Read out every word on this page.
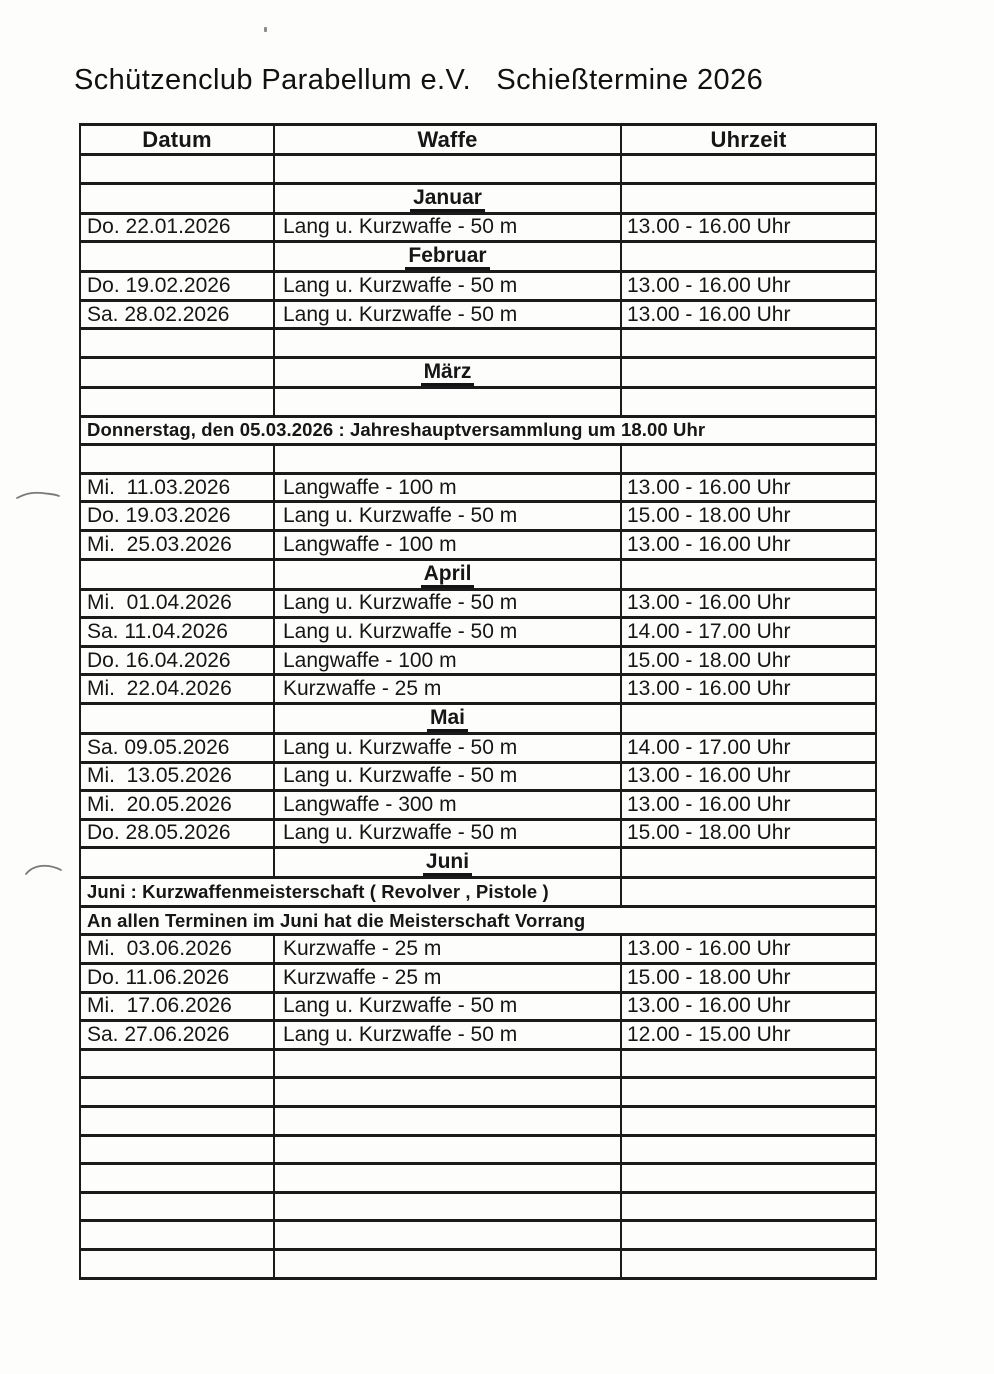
Schützenclub Parabellum e.V.   Schießtermine 2026
Datum	Waffe	Uhrzeit

	Januar	
Do. 22.01.2026	Lang u. Kurzwaffe - 50 m	13.00 - 16.00 Uhr
	Februar	
Do. 19.02.2026	Lang u. Kurzwaffe - 50 m	13.00 - 16.00 Uhr
Sa. 28.02.2026	Lang u. Kurzwaffe - 50 m	13.00 - 16.00 Uhr

	März	

Donnerstag, den 05.03.2026 : Jahreshauptversammlung um 18.00 Uhr		

Mi.  11.03.2026	Langwaffe - 100 m	13.00 - 16.00 Uhr
Do. 19.03.2026	Lang u. Kurzwaffe - 50 m	15.00 - 18.00 Uhr
Mi.  25.03.2026	Langwaffe - 100 m	13.00 - 16.00 Uhr
	April	
Mi.  01.04.2026	Lang u. Kurzwaffe - 50 m	13.00 - 16.00 Uhr
Sa. 11.04.2026	Lang u. Kurzwaffe - 50 m	14.00 - 17.00 Uhr
Do. 16.04.2026	Langwaffe - 100 m	15.00 - 18.00 Uhr
Mi.  22.04.2026	Kurzwaffe - 25 m	13.00 - 16.00 Uhr
	Mai	
Sa. 09.05.2026	Lang u. Kurzwaffe - 50 m	14.00 - 17.00 Uhr
Mi.  13.05.2026	Lang u. Kurzwaffe - 50 m	13.00 - 16.00 Uhr
Mi.  20.05.2026	Langwaffe - 300 m	13.00 - 16.00 Uhr
Do. 28.05.2026	Lang u. Kurzwaffe - 50 m	15.00 - 18.00 Uhr
	Juni	
Juni : Kurzwaffenmeisterschaft ( Revolver , Pistole )		
An allen Terminen im Juni hat die Meisterschaft Vorrang		
Mi.  03.06.2026	Kurzwaffe - 25 m	13.00 - 16.00 Uhr
Do. 11.06.2026	Kurzwaffe - 25 m	15.00 - 18.00 Uhr
Mi.  17.06.2026	Lang u. Kurzwaffe - 50 m	13.00 - 16.00 Uhr
Sa. 27.06.2026	Lang u. Kurzwaffe - 50 m	12.00 - 15.00 Uhr
